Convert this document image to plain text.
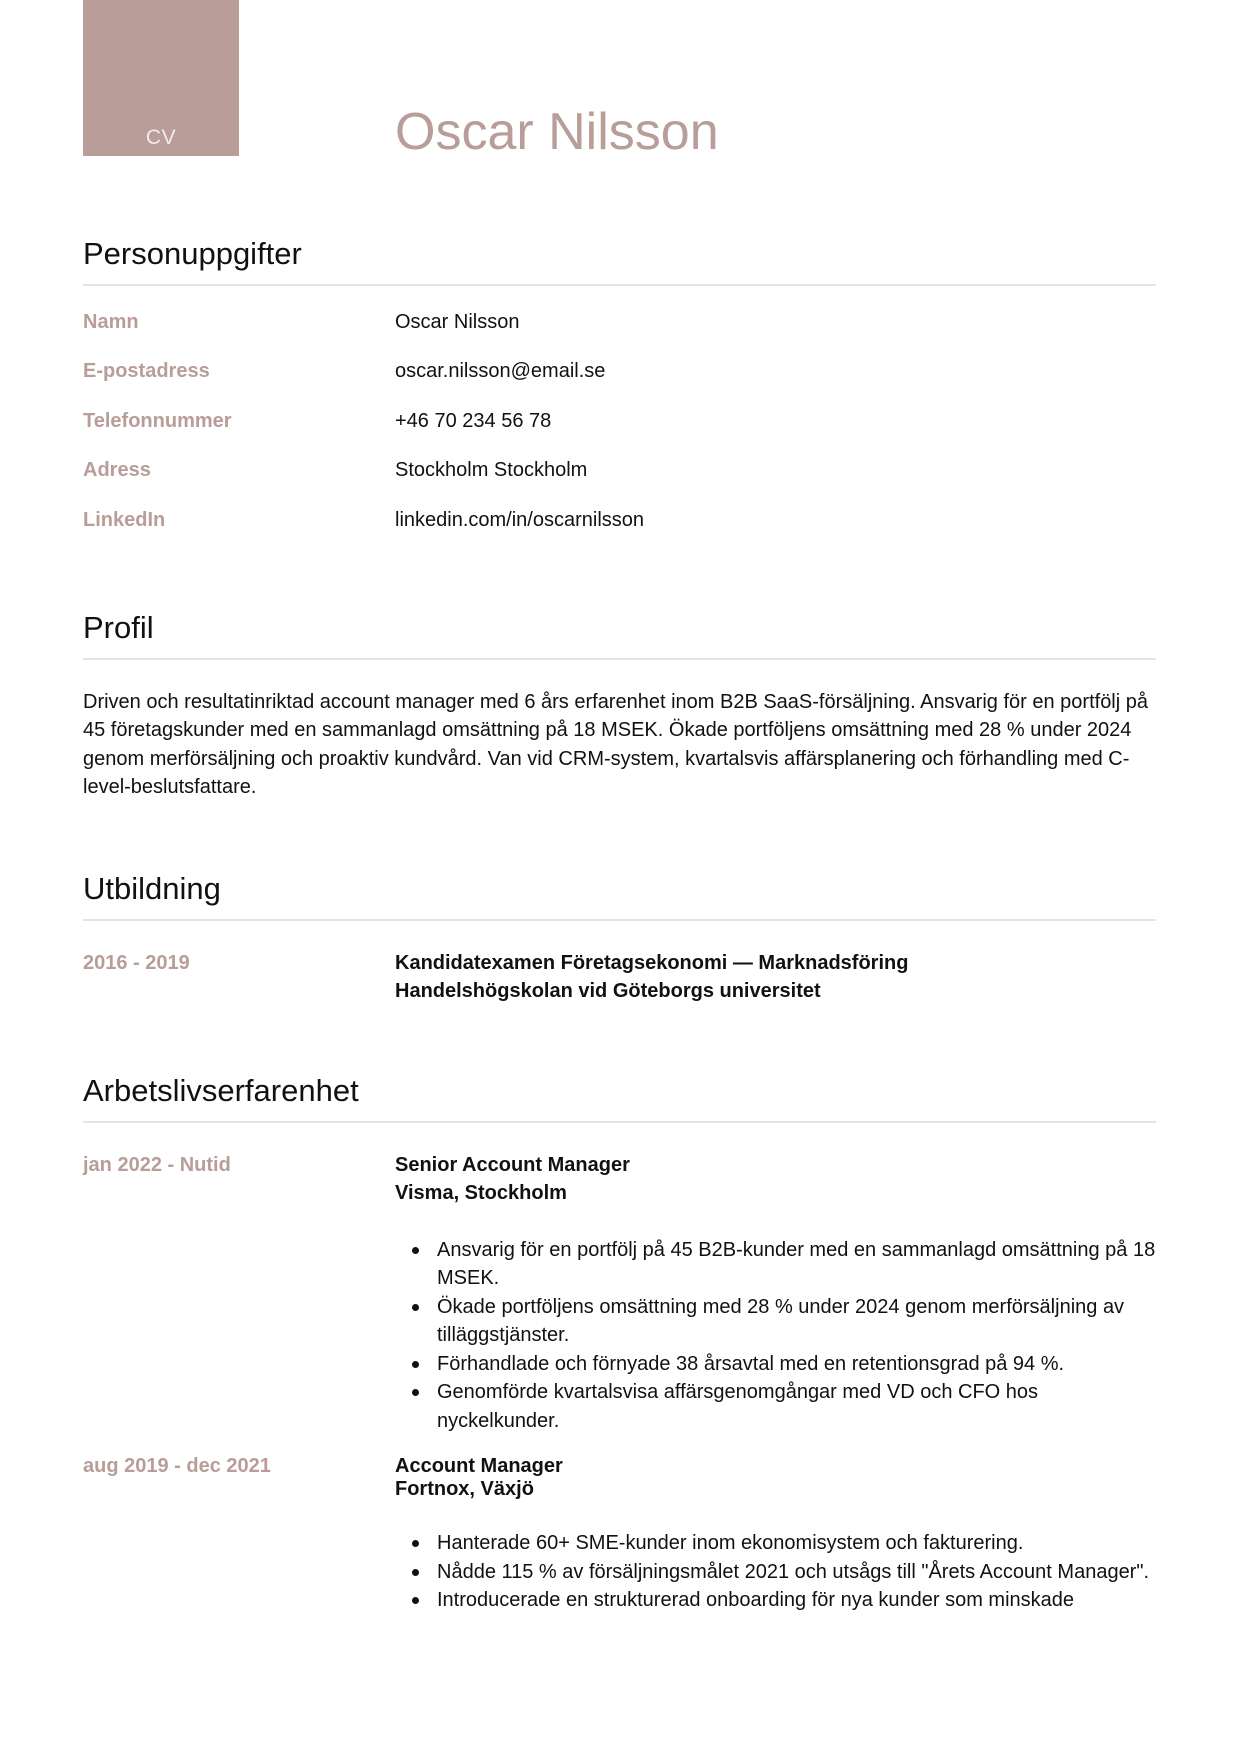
CV	Oscar Nilsson
Personuppgifter
Namn	Oscar Nilsson
E-postadress	oscar.nilsson@email.se
Telefonnummer	+46 70 234 56 78
Adress	Stockholm Stockholm
LinkedIn	linkedin.com/in/oscarnilsson
Profil

Driven och resultatinriktad account manager med 6 års erfarenhet inom B2B SaaS-försäljning. Ansvarig för en portfölj på 45 företagskunder med en sammanlagd omsättning på 18 MSEK. Ökade portföljens omsättning med 28 % under 2024 genom merförsäljning och proaktiv kundvård. Van vid CRM-system, kvartalsvis affärsplanering och förhandling med C-level-beslutsfattare.

Utbildning
2016 - 2019	Kandidatexamen Företagsekonomi — Marknadsföring
Handelshögskolan vid Göteborgs universitet
Arbetslivserfarenhet
jan 2022 - Nutid	Senior Account Manager
Visma, Stockholm
Ansvarig för en portfölj på 45 B2B-kunder med en sammanlagd omsättning på 18 MSEK.
Ökade portföljens omsättning med 28 % under 2024 genom merförsäljning av tilläggstjänster.
Förhandlade och förnyade 38 årsavtal med en retentionsgrad på 94 %.
Genomförde kvartalsvisa affärsgenomgångar med VD och CFO hos nyckelkunder.
aug 2019 - dec 2021	Account Manager
Fortnox, Växjö
Hanterade 60+ SME-kunder inom ekonomisystem och fakturering.
Nådde 115 % av försäljningsmålet 2021 och utsågs till "Årets Account Manager".
Introducerade en strukturerad onboarding för nya kunder som minskade
